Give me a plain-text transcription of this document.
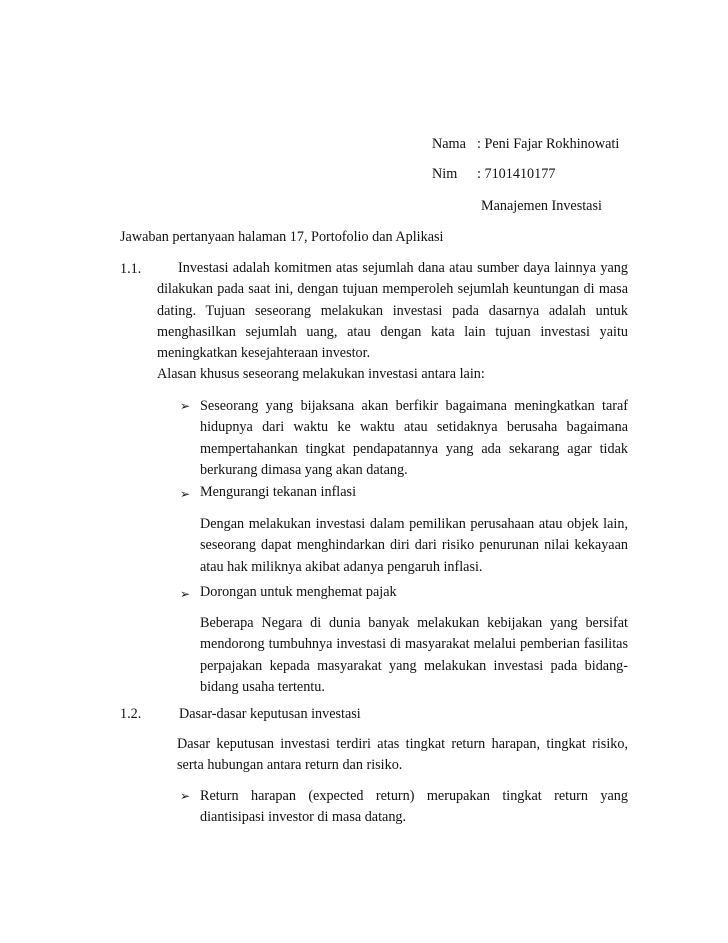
Nama : Peni Fajar Rokhinowati
Nim : 7101410177
Manajemen Investasi
Jawaban pertanyaan halaman 17, Portofolio dan Aplikasi
1.1.	Investasi adalah komitmen atas sejumlah dana atau sumber daya lainnya yang dilakukan pada saat ini, dengan tujuan memperoleh sejumlah keuntungan di masa dating. Tujuan seseorang melakukan investasi pada dasarnya adalah untuk menghasilkan sejumlah uang, atau dengan kata lain tujuan investasi yaitu meningkatkan kesejahteraan investor.
Alasan khusus seseorang melakukan investasi antara lain:
➢ Seseorang yang bijaksana akan berfikir bagaimana meningkatkan taraf hidupnya dari waktu ke waktu atau setidaknya berusaha bagaimana mempertahankan tingkat pendapatannya yang ada sekarang agar tidak berkurang dimasa yang akan datang.
➢ Mengurangi tekanan inflasi
Dengan melakukan investasi dalam pemilikan perusahaan atau objek lain, seseorang dapat menghindarkan diri dari risiko penurunan nilai kekayaan atau hak miliknya akibat adanya pengaruh inflasi.
➢ Dorongan untuk menghemat pajak
Beberapa Negara di dunia banyak melakukan kebijakan yang bersifat mendorong tumbuhnya investasi di masyarakat melalui pemberian fasilitas perpajakan kepada masyarakat yang melakukan investasi pada bidang-bidang usaha tertentu.
1.2.	Dasar-dasar keputusan investasi
Dasar keputusan investasi terdiri atas tingkat return harapan, tingkat risiko, serta hubungan antara return dan risiko.
➢ Return harapan (expected return) merupakan tingkat return yang diantisipasi investor di masa datang.
